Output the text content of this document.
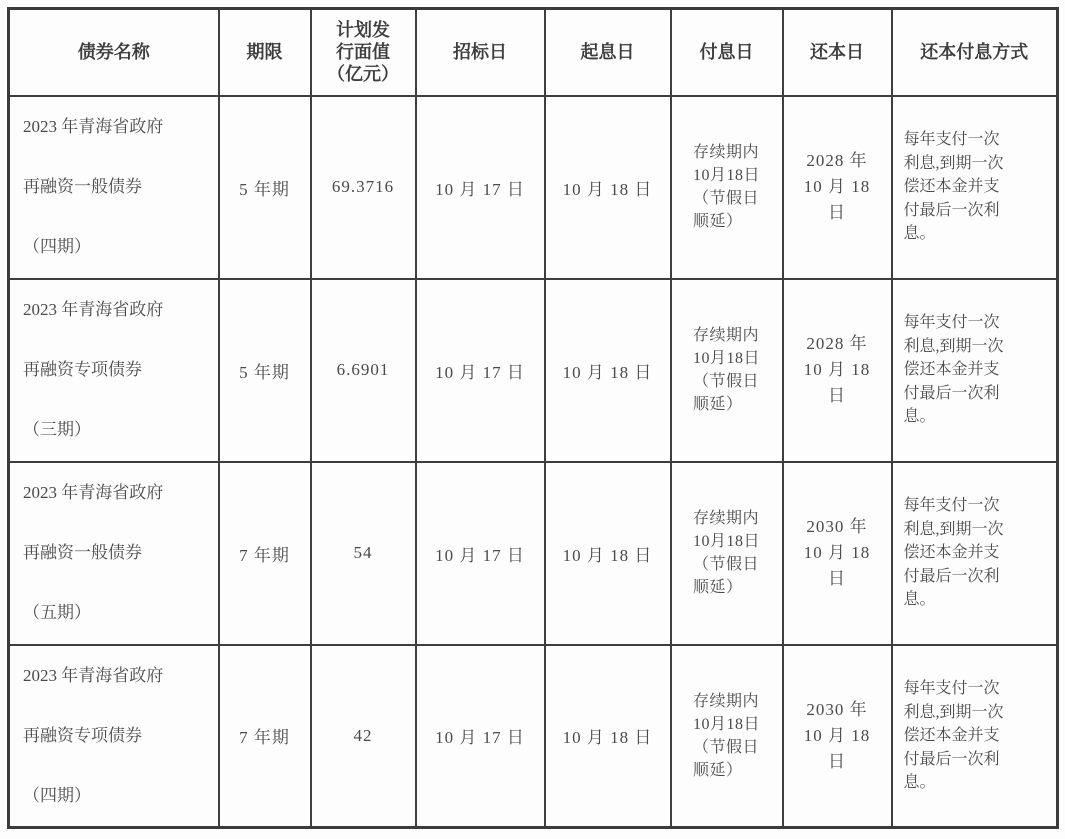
债券名称	期限	计划发
行面值
（亿元）	招标日	起息日	付息日	还本日	还本付息方式

2023 年青海省政府
再融资一般债券
（四期）
	5 年期	69.3716	10 月 17 日	10 月 18 日	
存续期内
10月18日
（节假日
顺延）

2028 年
10 月 18
日

每年支付一次
利息,到期一次
偿还本金并支
付最后一次利
息。

2023 年青海省政府
再融资专项债券
（三期）
	5 年期	6.6901	10 月 17 日	10 月 18 日	
存续期内
10月18日
（节假日
顺延）

2028 年
10 月 18
日

每年支付一次
利息,到期一次
偿还本金并支
付最后一次利
息。

2023 年青海省政府
再融资一般债券
（五期）
	7 年期	54	10 月 17 日	10 月 18 日	
存续期内
10月18日
（节假日
顺延）

2030 年
10 月 18
日

每年支付一次
利息,到期一次
偿还本金并支
付最后一次利
息。

2023 年青海省政府
再融资专项债券
（四期）
	7 年期	42	10 月 17 日	10 月 18 日	
存续期内
10月18日
（节假日
顺延）

2030 年
10 月 18
日

每年支付一次
利息,到期一次
偿还本金并支
付最后一次利
息。
